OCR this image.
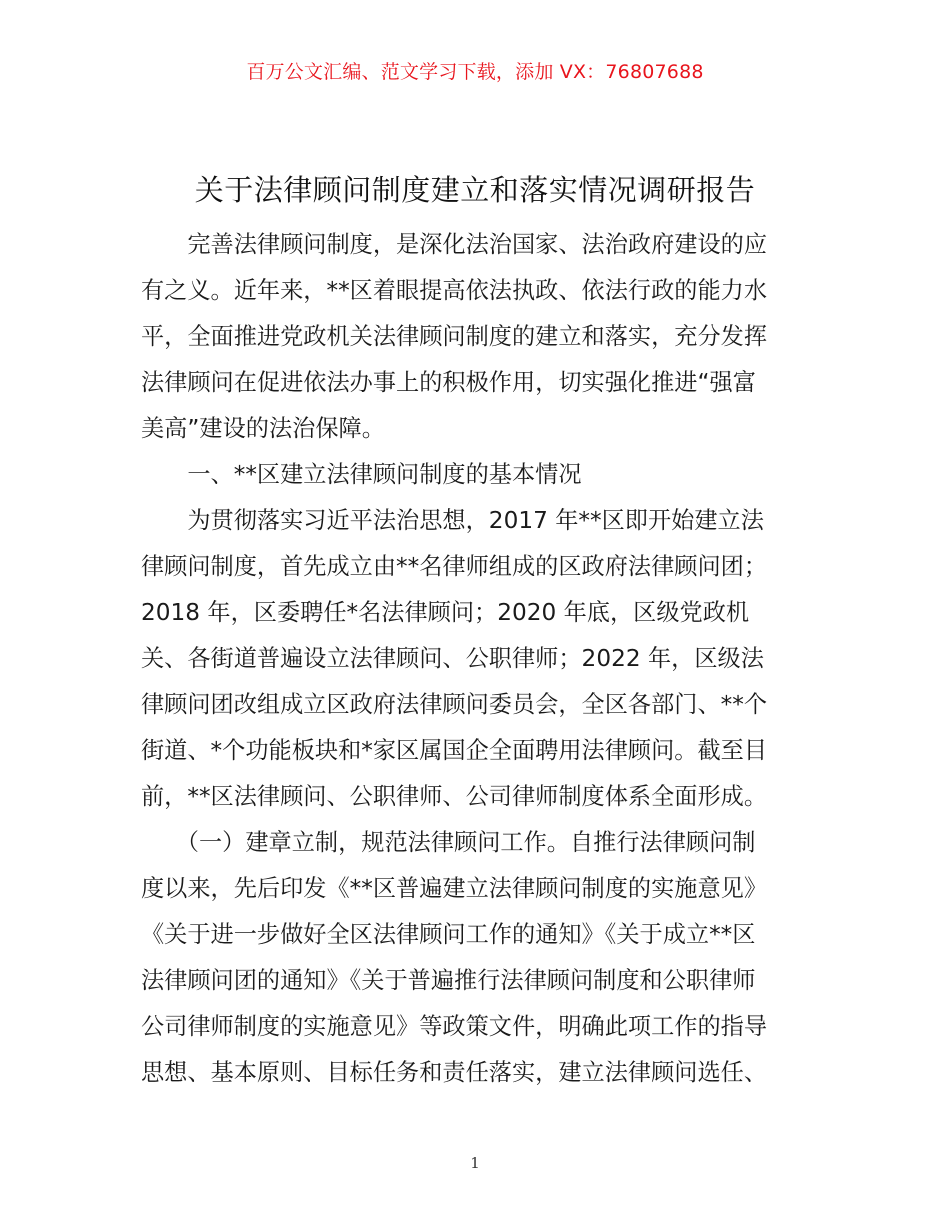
百万公文汇编、范文学习下载，添加 VX：76807688
关于法律顾问制度建立和落实情况调研报告
　　完善法律顾问制度，是深化法治国家、法治政府建设的应
有之义。近年来，**区着眼提高依法执政、依法行政的能力水
平，全面推进党政机关法律顾问制度的建立和落实，充分发挥
法律顾问在促进依法办事上的积极作用，切实强化推进“强富
美高”建设的法治保障。
　　一、**区建立法律顾问制度的基本情况
　　为贯彻落实习近平法治思想，2017 年**区即开始建立法
律顾问制度，首先成立由**名律师组成的区政府法律顾问团；
2018 年，区委聘任*名法律顾问；2020 年底，区级党政机
关、各街道普遍设立法律顾问、公职律师；2022 年，区级法
律顾问团改组成立区政府法律顾问委员会，全区各部门、**个
街道、*个功能板块和*家区属国企全面聘用法律顾问。截至目
前，**区法律顾问、公职律师、公司律师制度体系全面形成。
　　（一）建章立制，规范法律顾问工作。自推行法律顾问制
度以来，先后印发《**区普遍建立法律顾问制度的实施意见》
《关于进一步做好全区法律顾问工作的通知》《关于成立**区
法律顾问团的通知》《关于普遍推行法律顾问制度和公职律师
公司律师制度的实施意见》等政策文件，明确此项工作的指导
思想、基本原则、目标任务和责任落实，建立法律顾问选任、
1
